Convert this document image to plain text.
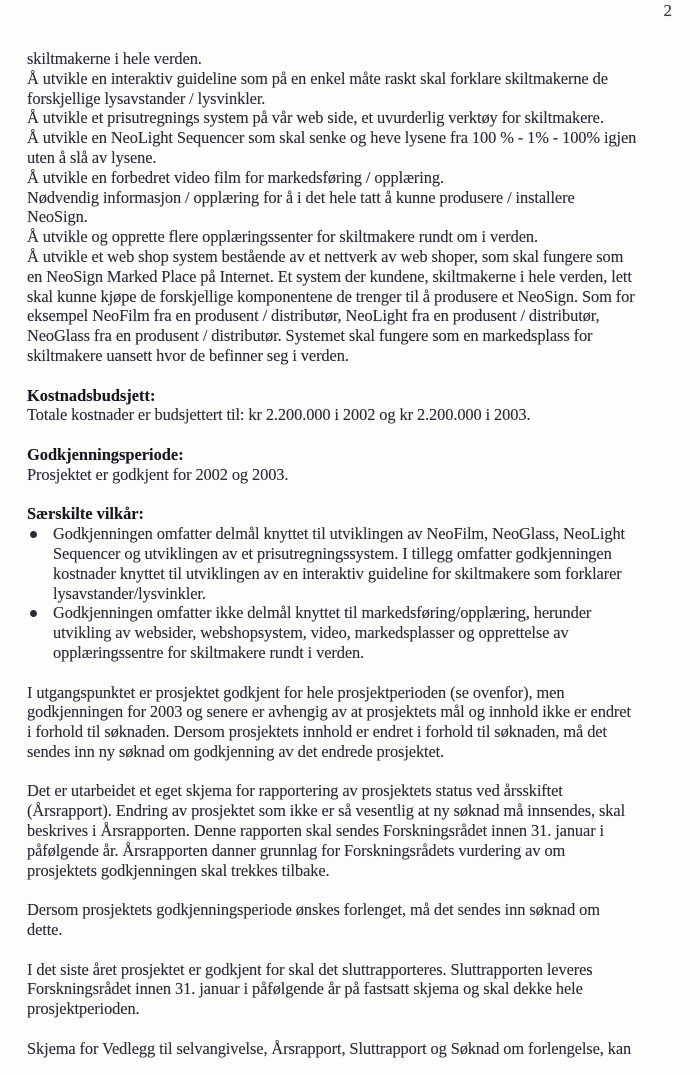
2
skiltmakerne i hele verden.
Å utvikle en interaktiv guideline som på en enkel måte raskt skal forklare skiltmakerne de
forskjellige lysavstander / lysvinkler.
Å utvikle et prisutregnings system på vår web side, et uvurderlig verktøy for skiltmakere.
Å utvikle en NeoLight Sequencer som skal senke og heve lysene fra 100 % - 1% - 100% igjen
uten å slå av lysene.
Å utvikle en forbedret video film for markedsføring / opplæring.
Nødvendig informasjon / opplæring for å i det hele tatt å kunne produsere / installere
NeoSign.
Å utvikle og opprette flere opplæringssenter for skiltmakere rundt om i verden.
Å utvikle et web shop system bestående av et nettverk av web shoper, som skal fungere som
en NeoSign Marked Place på Internet. Et system der kundene, skiltmakerne i hele verden, lett
skal kunne kjøpe de forskjellige komponentene de trenger til å produsere et NeoSign. Som for
eksempel NeoFilm fra en produsent / distributør, NeoLight fra en produsent / distributør,
NeoGlass fra en produsent / distributør. Systemet skal fungere som en markedsplass for
skiltmakere uansett hvor de befinner seg i verden.
Kostnadsbudsjett:
Totale kostnader er budsjettert til: kr 2.200.000 i 2002 og kr 2.200.000 i 2003.
Godkjenningsperiode:
Prosjektet er godkjent for 2002 og 2003.
Særskilte vilkår:
Godkjenningen omfatter delmål knyttet til utviklingen av NeoFilm, NeoGlass, NeoLight
Sequencer og utviklingen av et prisutregningssystem. I tillegg omfatter godkjenningen
kostnader knyttet til utviklingen av en interaktiv guideline for skiltmakere som forklarer
lysavstander/lysvinkler.
Godkjenningen omfatter ikke delmål knyttet til markedsføring/opplæring, herunder
utvikling av websider, webshopsystem, video, markedsplasser og opprettelse av
opplæringssentre for skiltmakere rundt i verden.
I utgangspunktet er prosjektet godkjent for hele prosjektperioden (se ovenfor), men
godkjenningen for 2003 og senere er avhengig av at prosjektets mål og innhold ikke er endret
i forhold til søknaden. Dersom prosjektets innhold er endret i forhold til søknaden, må det
sendes inn ny søknad om godkjenning av det endrede prosjektet.
Det er utarbeidet et eget skjema for rapportering av prosjektets status ved årsskiftet
(Årsrapport). Endring av prosjektet som ikke er så vesentlig at ny søknad må innsendes, skal
beskrives i Årsrapporten. Denne rapporten skal sendes Forskningsrådet innen 31. januar i
påfølgende år. Årsrapporten danner grunnlag for Forskningsrådets vurdering av om
prosjektets godkjenningen skal trekkes tilbake.
Dersom prosjektets godkjenningsperiode ønskes forlenget, må det sendes inn søknad om
dette.
I det siste året prosjektet er godkjent for skal det sluttrapporteres. Sluttrapporten leveres
Forskningsrådet innen 31. januar i påfølgende år på fastsatt skjema og skal dekke hele
prosjektperioden.
Skjema for Vedlegg til selvangivelse, Årsrapport, Sluttrapport og Søknad om forlengelse, kan
